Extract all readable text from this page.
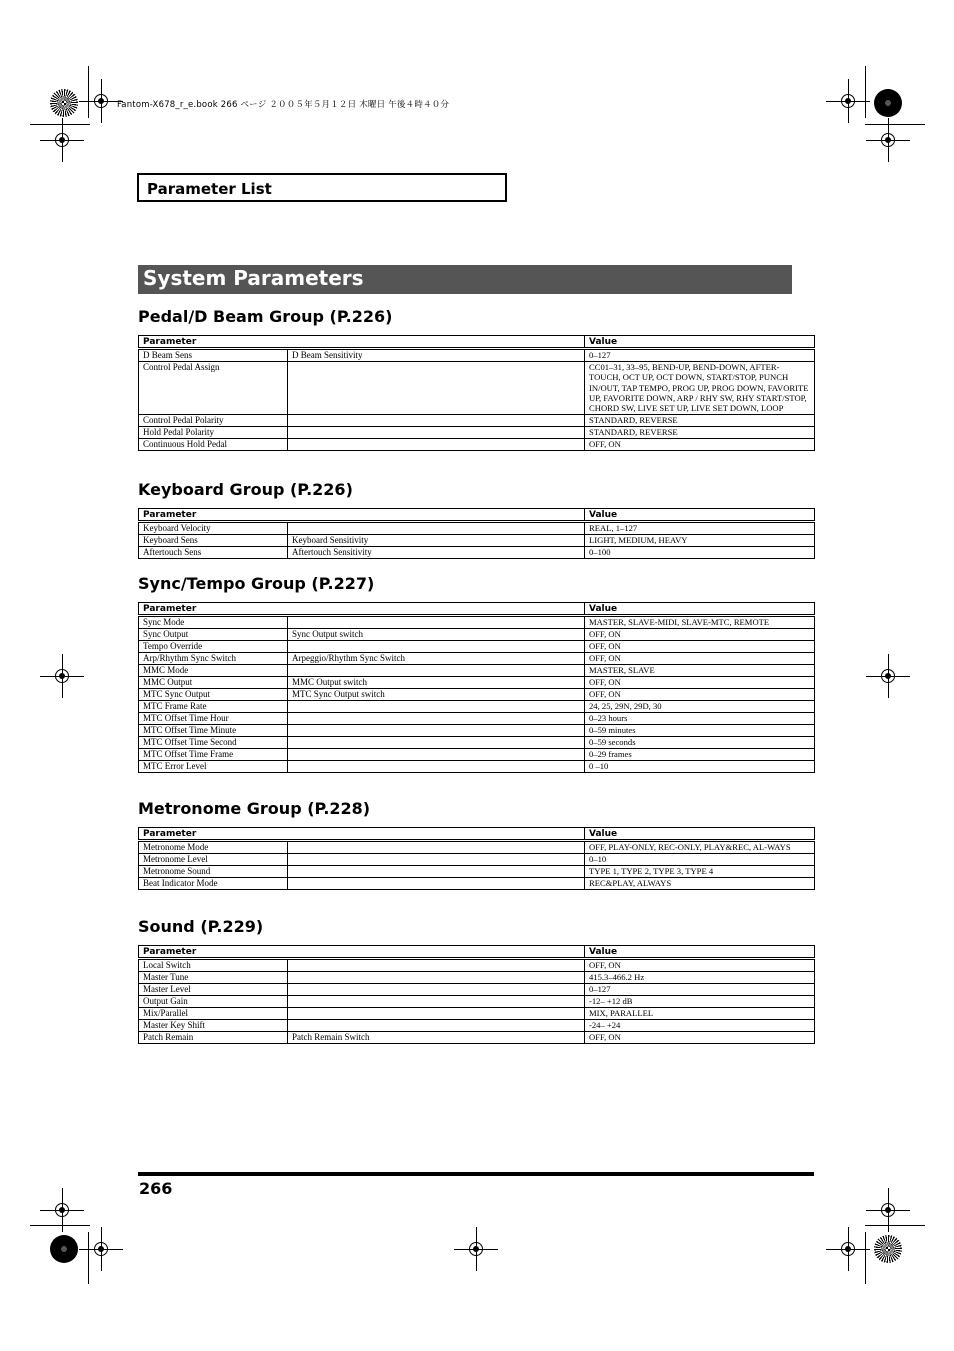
Fantom-X678_r_e.book 266 ページ ２００５年５月１２日 木曜日 午後４時４０分
Parameter List
System Parameters
Pedal/D Beam Group (P.226)
Parameter		Value
D Beam Sens	D Beam Sensitivity	0–127
Control Pedal Assign		CC01–31, 33–95, BEND-UP, BEND-DOWN, AFTER-TOUCH, OCT UP, OCT DOWN, START/STOP, PUNCH IN/OUT, TAP TEMPO, PROG UP, PROG DOWN, FAVORITE UP, FAVORITE DOWN, ARP / RHY SW, RHY START/STOP, CHORD SW, LIVE SET UP, LIVE SET DOWN, LOOP
Control Pedal Polarity		STANDARD, REVERSE
Hold Pedal Polarity		STANDARD, REVERSE
Continuous Hold Pedal		OFF, ON
Keyboard Group (P.226)
Parameter		Value
Keyboard Velocity		REAL, 1–127
Keyboard Sens	Keyboard Sensitivity	LIGHT, MEDIUM, HEAVY
Aftertouch Sens	Aftertouch Sensitivity	0–100
Sync/Tempo Group (P.227)
Parameter		Value
Sync Mode		MASTER, SLAVE-MIDI, SLAVE-MTC, REMOTE
Sync Output	Sync Output switch	OFF, ON
Tempo Override		OFF, ON
Arp/Rhythm Sync Switch	Arpeggio/Rhythm Sync Switch	OFF, ON
MMC Mode		MASTER, SLAVE
MMC Output	MMC Output switch	OFF, ON
MTC Sync Output	MTC Sync Output switch	OFF, ON
MTC Frame Rate		24, 25, 29N, 29D, 30
MTC Offset Time Hour		0–23 hours
MTC Offset Time Minute		0–59 minutes
MTC Offset Time Second		0–59 seconds
MTC Offset Time Frame		0–29 frames
MTC Error Level		0 –10
Metronome Group (P.228)
Parameter		Value
Metronome Mode		OFF, PLAY-ONLY, REC-ONLY, PLAY&REC, AL-WAYS
Metronome Level		0–10
Metronome Sound		TYPE 1, TYPE 2, TYPE 3, TYPE 4
Beat Indicator Mode		REC&PLAY, ALWAYS
Sound (P.229)
Parameter		Value
Local Switch		OFF, ON
Master Tune		415.3–466.2 Hz
Master Level		0–127
Output Gain		-12– +12 dB
Mix/Parallel		MIX, PARALLEL
Master Key Shift		-24– +24
Patch Remain	Patch Remain Switch	OFF, ON
266
